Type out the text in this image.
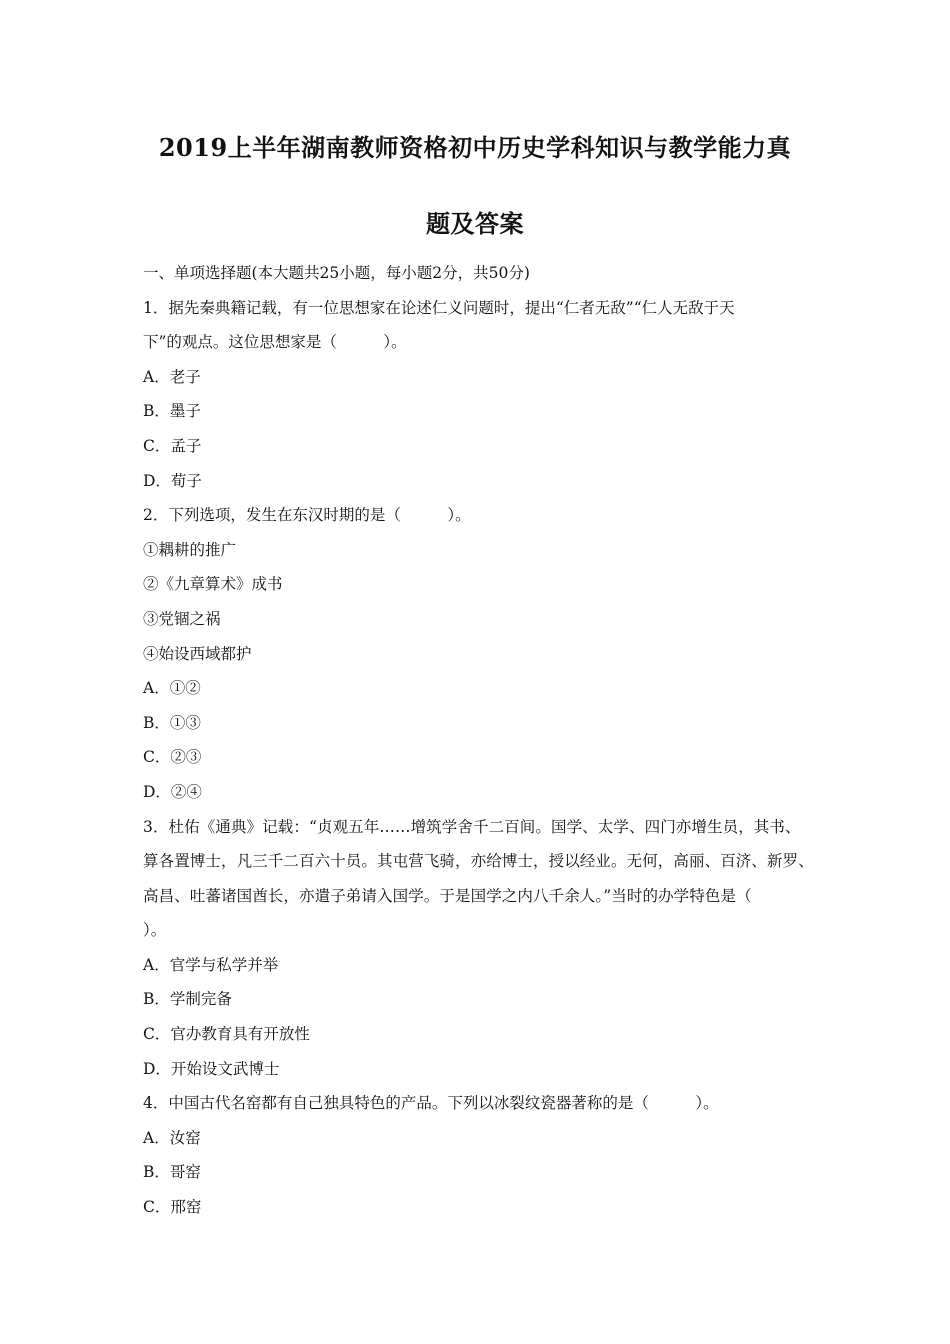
2019上半年湖南教师资格初中历史学科知识与教学能力真
题及答案
一、单项选择题(本大题共25小题，每小题2分，共50分)
1．据先秦典籍记载，有一位思想家在论述仁义问题时，提出“仁者无敌”“仁人无敌于天
下”的观点。这位思想家是（　　　）。
A．老子
B．墨子
C．孟子
D．荀子
2．下列选项，发生在东汉时期的是（　　　）。
①耦耕的推广
②《九章算术》成书
③党锢之祸
④始设西域都护
A．①②
B．①③
C．②③
D．②④
3．杜佑《通典》记载：“贞观五年……增筑学舍千二百间。国学、太学、四门亦增生员，其书、
算各置博士，凡三千二百六十员。其屯营飞骑，亦给博士，授以经业。无何，高丽、百济、新罗、
高昌、吐蕃诸国酋长，亦遣子弟请入国学。于是国学之内八千余人。”当时的办学特色是（
）。
A．官学与私学并举
B．学制完备
C．官办教育具有开放性
D．开始设文武博士
4．中国古代名窑都有自己独具特色的产品。下列以冰裂纹瓷器著称的是（　　　）。
A．汝窑
B．哥窑
C．邢窑
